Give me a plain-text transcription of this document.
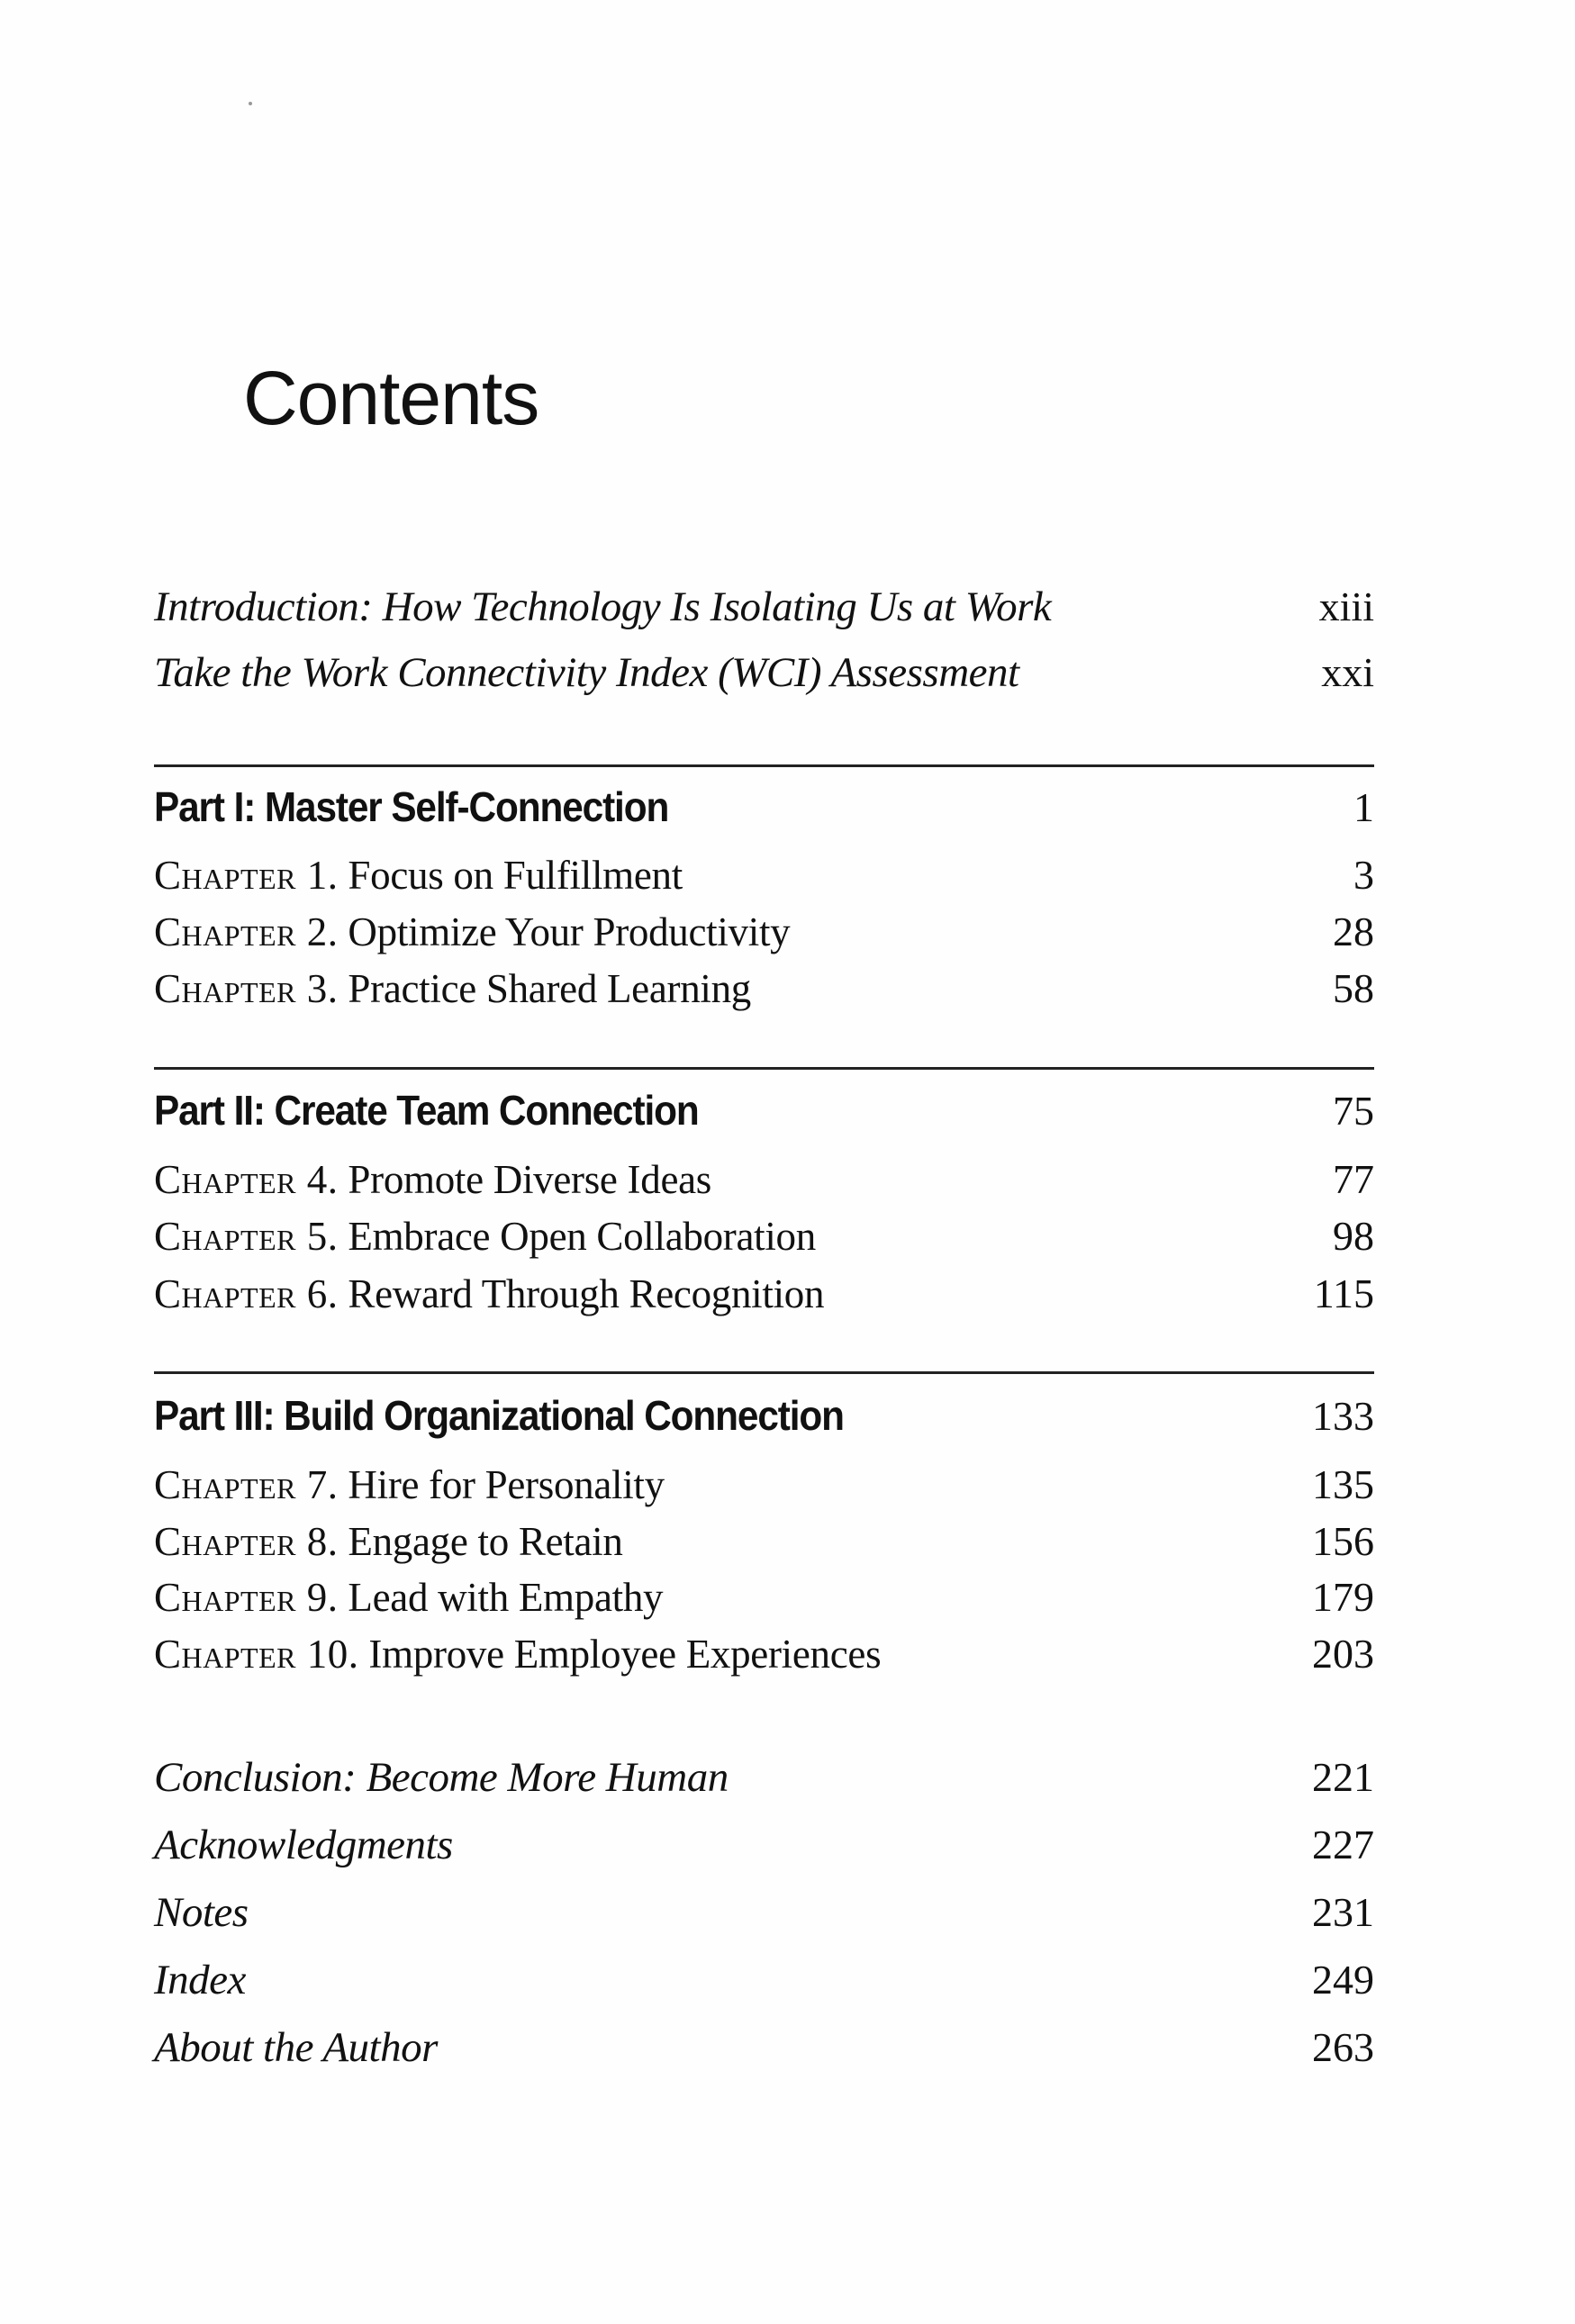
Contents
Introduction: How Technology Is Isolating Us at Work	xiii
Take the Work Connectivity Index (WCI) Assessment	xxi
Part I: Master Self-Connection	1
Chapter 1. Focus on Fulfillment	3
Chapter 2. Optimize Your Productivity	28
Chapter 3. Practice Shared Learning	58
Part II: Create Team Connection	75
Chapter 4. Promote Diverse Ideas	77
Chapter 5. Embrace Open Collaboration	98
Chapter 6. Reward Through Recognition	115
Part III: Build Organizational Connection	133
Chapter 7. Hire for Personality	135
Chapter 8. Engage to Retain	156
Chapter 9. Lead with Empathy	179
Chapter 10. Improve Employee Experiences	203
Conclusion: Become More Human	221
Acknowledgments	227
Notes	231
Index	249
About the Author	263
